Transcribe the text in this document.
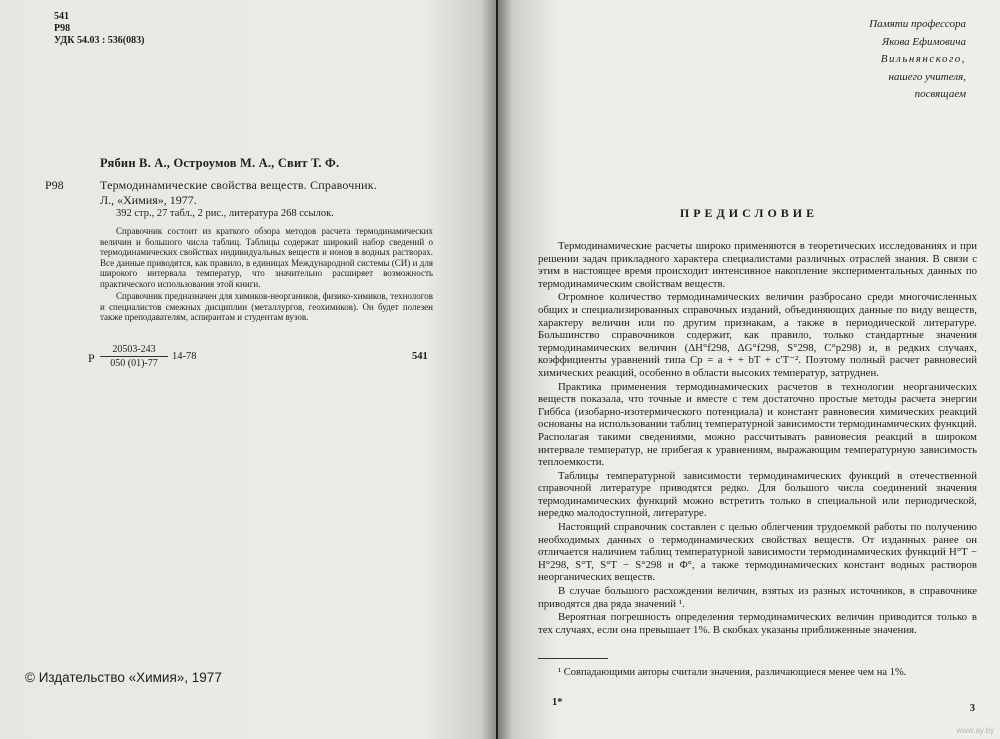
541
Р98
УДК 54.03 : 536(083)
Рябин В. А., Остроумов М. А., Свит Т. Ф.
Р98	Термодинамические свойства веществ. Справочник.
Л., «Химия», 1977.
392 стр., 27 табл., 2 рис., литература 268 ссылок.
Справочник состоит из краткого обзора методов расчета термодинамических величин и большого числа таблиц. Таблицы содержат широкий набор сведений о термодинамических свойствах индивидуальных веществ и ионов в водных растворах. Все данные приводятся, как правило, в единицах Международной системы (СИ) и для широкого интервала температур, что значительно расширяет возможность практического использования этой книги.
Справочник предназначен для химиков-неоргаников, физико-химиков, технологов и специалистов смежных дисциплин (металлургов, геохимиков). Он будет полезен также преподавателям, аспирантам и студентам вузов.
Р $\frac{20503-243}{050 (01)-77} 14-78$	541
© Издательство «Химия», 1977
Памяти профессора
Якова Ефимовича
Вильнянского,
нашего учителя,
посвящаем
ПРЕДИСЛОВИЕ

Термодинамические расчеты широко применяются в теоретических исследованиях и при решении задач прикладного характера специалистами различных отраслей знания. В связи с этим в настоящее время происходит интенсивное накопление экспериментальных данных по термодинамическим свойствам веществ.

Огромное количество термодинамических величин разбросано среди многочисленных общих и специализированных справочных изданий, объединяющих данные по виду веществ, характеру величин или по другим признакам, а также в периодической литературе. Большинство справочников содержит, как правило, только стандартные значения термодинамических величин (ΔH°f298, ΔG°f298, S°298, C°p298) и, в редких случаях, коэффициенты уравнений типа Cp = a + + bT + c′T⁻². Поэтому полный расчет равновесий химических реакций, особенно в области высоких температур, затруднен.

Практика применения термодинамических расчетов в технологии неорганических веществ показала, что точные и вместе с тем достаточно простые методы расчета энергии Гиббса (изобарно-изотермического потенциала) и констант равновесия химических реакций основаны на использовании таблиц температурной зависимости термодинамических функций. Располагая такими сведениями, можно рассчитывать равновесия реакций в широком интервале температур, не прибегая к уравнениям, выражающим температурную зависимость теплоемкости.

Таблицы температурной зависимости термодинамических функций в отечественной справочной литературе приводятся редко. Для большого числа соединений значения термодинамических функций можно встретить только в специальной или периодической, нередко малодоступной, литературе.

Настоящий справочник составлен с целью облегчения трудоемкой работы по получению необходимых данных о термодинамических свойствах веществ. От изданных ранее он отличается наличием таблиц температурной зависимости термодинамических функций H°T − H°298, S°T, S°T − S°298 и Φ°, а также термодинамических констант водных растворов неорганических веществ.

В случае большого расхождения величин, взятых из разных источников, в справочнике приводятся два ряда значений ¹.

Вероятная погрешность определения термодинамических величин приводится только в тех случаях, если она превышает 1%. В скобках указаны приближенные значения.

¹ Совпадающими авторы считали значения, различающиеся менее чем на 1%.
1*
3
www.ay.by
